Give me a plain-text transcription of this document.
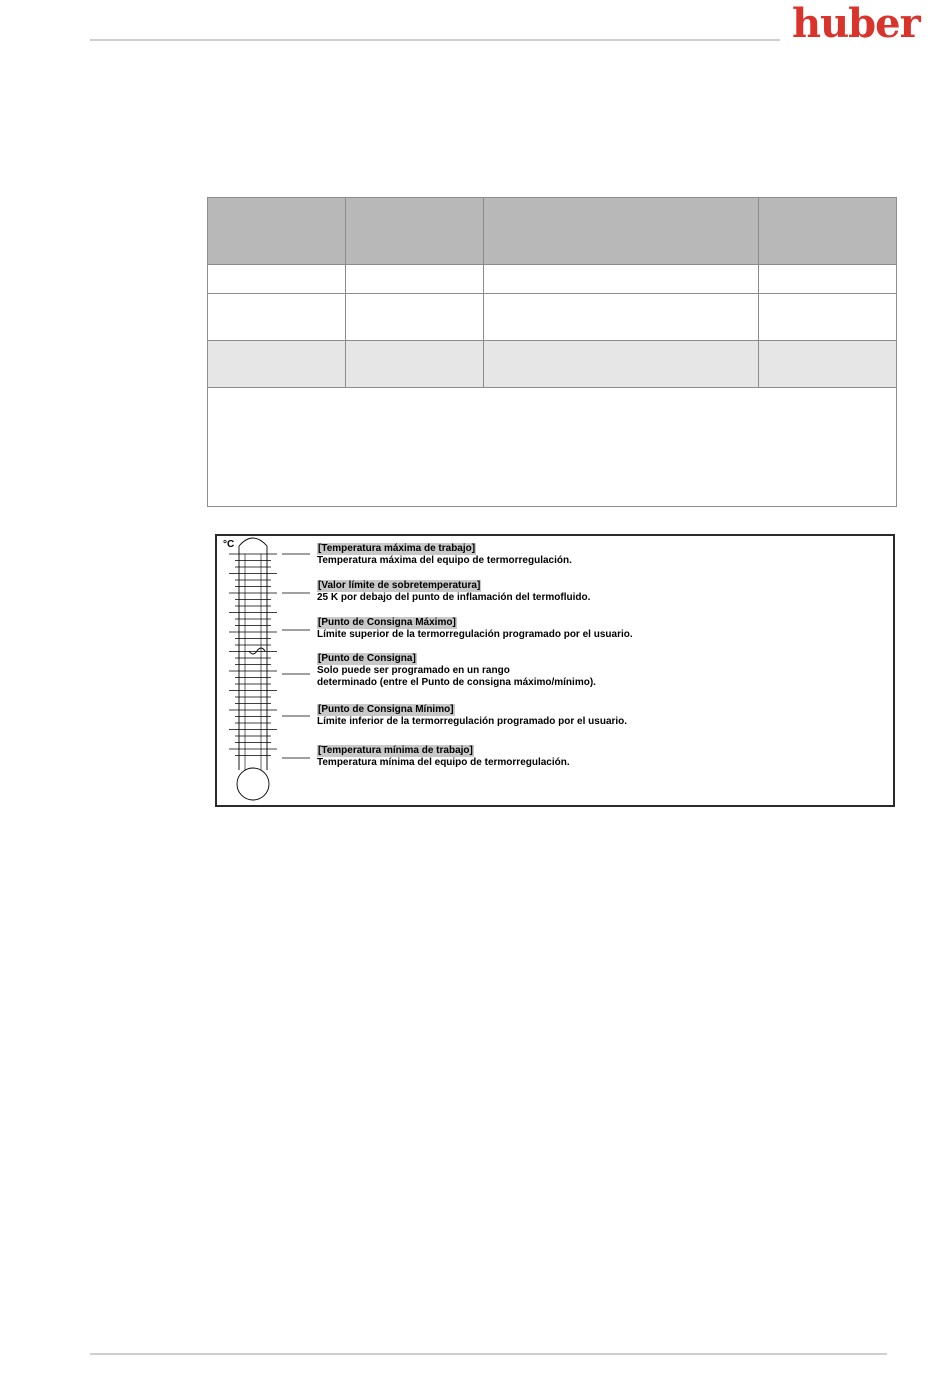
huber

°C	[Temperatura máxima de trabajo]
Temperatura máxima del equipo de termorregulación.
[Valor límite de sobretemperatura]
25 K por debajo del punto de inflamación del termofluido.
[Punto de Consigna Máximo]
Límite superior de la termorregulación programado por el usuario.
[Punto de Consigna]
Solo puede ser programado en un rango
determinado (entre el Punto de consigna máximo/mínimo).
[Punto de Consigna Mínimo]
Límite inferior de la termorregulación programado por el usuario.
[Temperatura mínima de trabajo]
Temperatura mínima del equipo de termorregulación.
